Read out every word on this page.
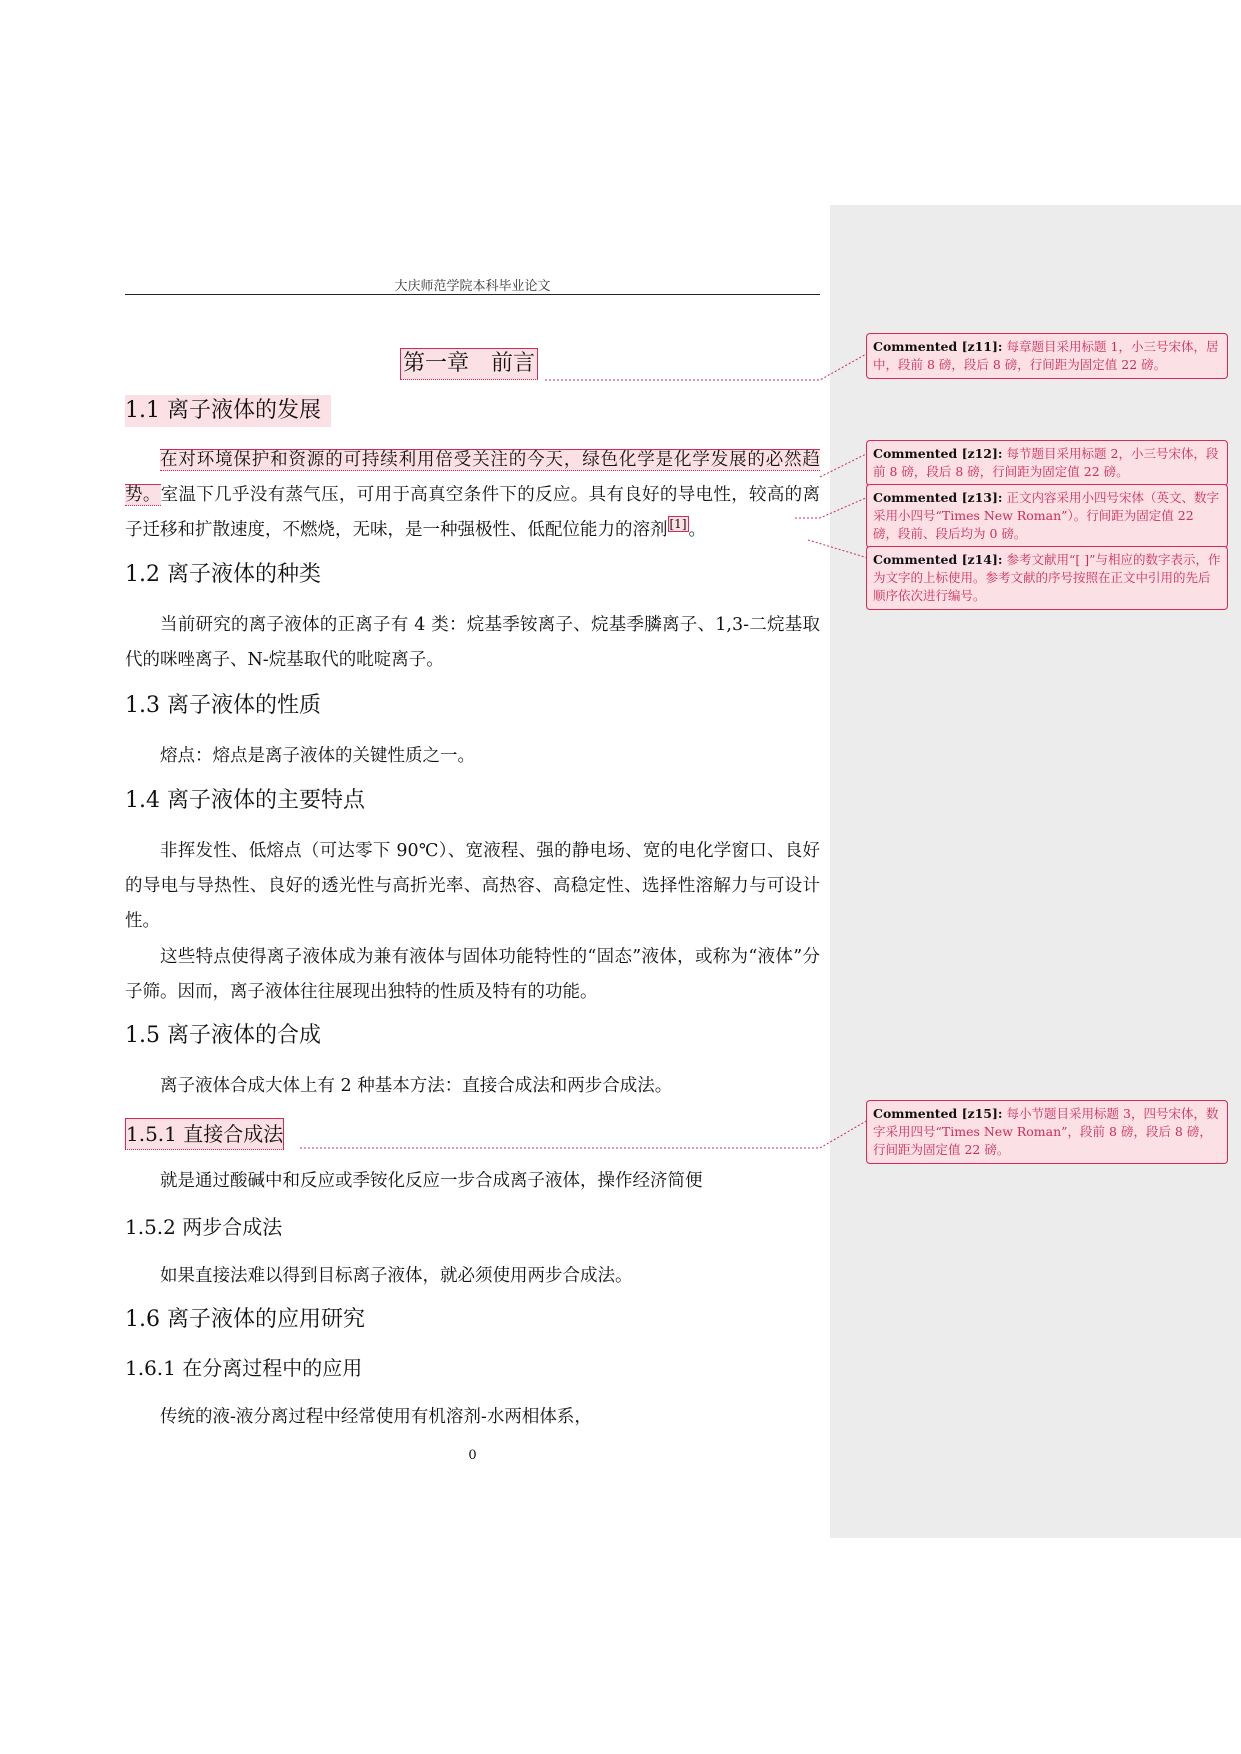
大庆师范学院本科毕业论文
第一章　前言
1.1 离子液体的发展

在对环境保护和资源的可持续利用倍受关注的今天，绿色化学是化学发展的必然趋势。室温下几乎没有蒸气压，可用于高真空条件下的反应。具有良好的导电性，较高的离子迁移和扩散速度，不燃烧，无味，是一种强极性、低配位能力的溶剂 [1] 。

1.2 离子液体的种类

当前研究的离子液体的正离子有 4 类：烷基季铵离子、烷基季膦离子、1,3-二烷基取代的咪唑离子、N-烷基取代的吡啶离子。

1.3 离子液体的性质

熔点：熔点是离子液体的关键性质之一。

1.4 离子液体的主要特点

非挥发性、低熔点（可达零下 90℃）、宽液程、强的静电场、宽的电化学窗口、良好的导电与导热性、良好的透光性与高折光率、高热容、高稳定性、选择性溶解力与可设计性。

这些特点使得离子液体成为兼有液体与固体功能特性的“固态”液体，或称为“液体”分子筛。因而，离子液体往往展现出独特的性质及特有的功能。

1.5 离子液体的合成

离子液体合成大体上有 2 种基本方法：直接合成法和两步合成法。

1.5.1 直接合成法

就是通过酸碱中和反应或季铵化反应一步合成离子液体，操作经济简便

1.5.2 两步合成法

如果直接法难以得到目标离子液体，就必须使用两步合成法。

1.6 离子液体的应用研究
1.6.1 在分离过程中的应用

传统的液-液分离过程中经常使用有机溶剂-水两相体系，

0
Commented [z11]: 每章题目采用标题 1，小三号宋体，居中，段前 8 磅，段后 8 磅，行间距为固定值 22 磅。
Commented [z12]: 每节题目采用标题 2，小三号宋体，段前 8 磅，段后 8 磅，行间距为固定值 22 磅。
Commented [z13]: 正文内容采用小四号宋体（英文、数字采用小四号“Times New Roman”）。行间距为固定值 22 磅，段前、段后均为 0 磅。
Commented [z14]: 参考文献用“[ ]”与相应的数字表示，作为文字的上标使用。参考文献的序号按照在正文中引用的先后顺序依次进行编号。
Commented [z15]: 每小节题目采用标题 3，四号宋体，数字采用四号“Times New Roman”，段前 8 磅，段后 8 磅，行间距为固定值 22 磅。
